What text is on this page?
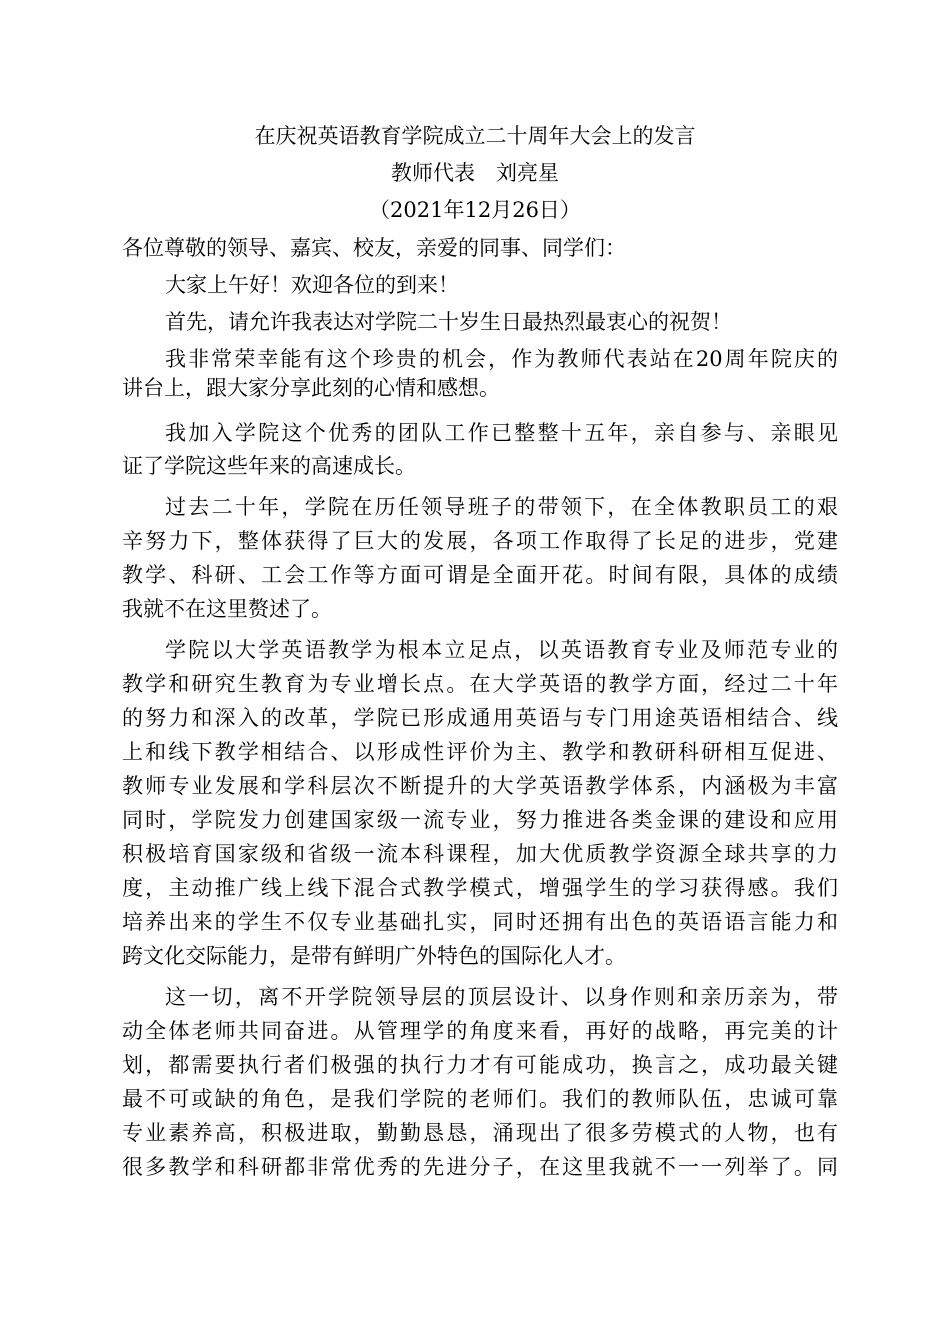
在庆祝英语教育学院成立二十周年大会上的发言
教师代表　刘亮星
（2021年12月26日）
各位尊敬的领导、嘉宾、校友，亲爱的同事、同学们：
大家上午好！欢迎各位的到来！
首先，请允许我表达对学院二十岁生日最热烈最衷心的祝贺！
我非常荣幸能有这个珍贵的机会，作为教师代表站在20周年院庆的
讲台上，跟大家分享此刻的心情和感想。
我加入学院这个优秀的团队工作已整整十五年，亲自参与、亲眼见
证了学院这些年来的高速成长。
过去二十年，学院在历任领导班子的带领下，在全体教职员工的艰
辛努力下，整体获得了巨大的发展，各项工作取得了长足的进步，党建
教学、科研、工会工作等方面可谓是全面开花。时间有限，具体的成绩
我就不在这里赘述了。
学院以大学英语教学为根本立足点，以英语教育专业及师范专业的
教学和研究生教育为专业增长点。在大学英语的教学方面，经过二十年
的努力和深入的改革，学院已形成通用英语与专门用途英语相结合、线
上和线下教学相结合、以形成性评价为主、教学和教研科研相互促进、
教师专业发展和学科层次不断提升的大学英语教学体系，内涵极为丰富
同时，学院发力创建国家级一流专业，努力推进各类金课的建设和应用
积极培育国家级和省级一流本科课程，加大优质教学资源全球共享的力
度，主动推广线上线下混合式教学模式，增强学生的学习获得感。我们
培养出来的学生不仅专业基础扎实，同时还拥有出色的英语语言能力和
跨文化交际能力，是带有鲜明广外特色的国际化人才。
这一切，离不开学院领导层的顶层设计、以身作则和亲历亲为，带
动全体老师共同奋进。从管理学的角度来看，再好的战略，再完美的计
划，都需要执行者们极强的执行力才有可能成功，换言之，成功最关键
最不可或缺的角色，是我们学院的老师们。我们的教师队伍，忠诚可靠
专业素养高，积极进取，勤勤恳恳，涌现出了很多劳模式的人物，也有
很多教学和科研都非常优秀的先进分子，在这里我就不一一列举了。同
